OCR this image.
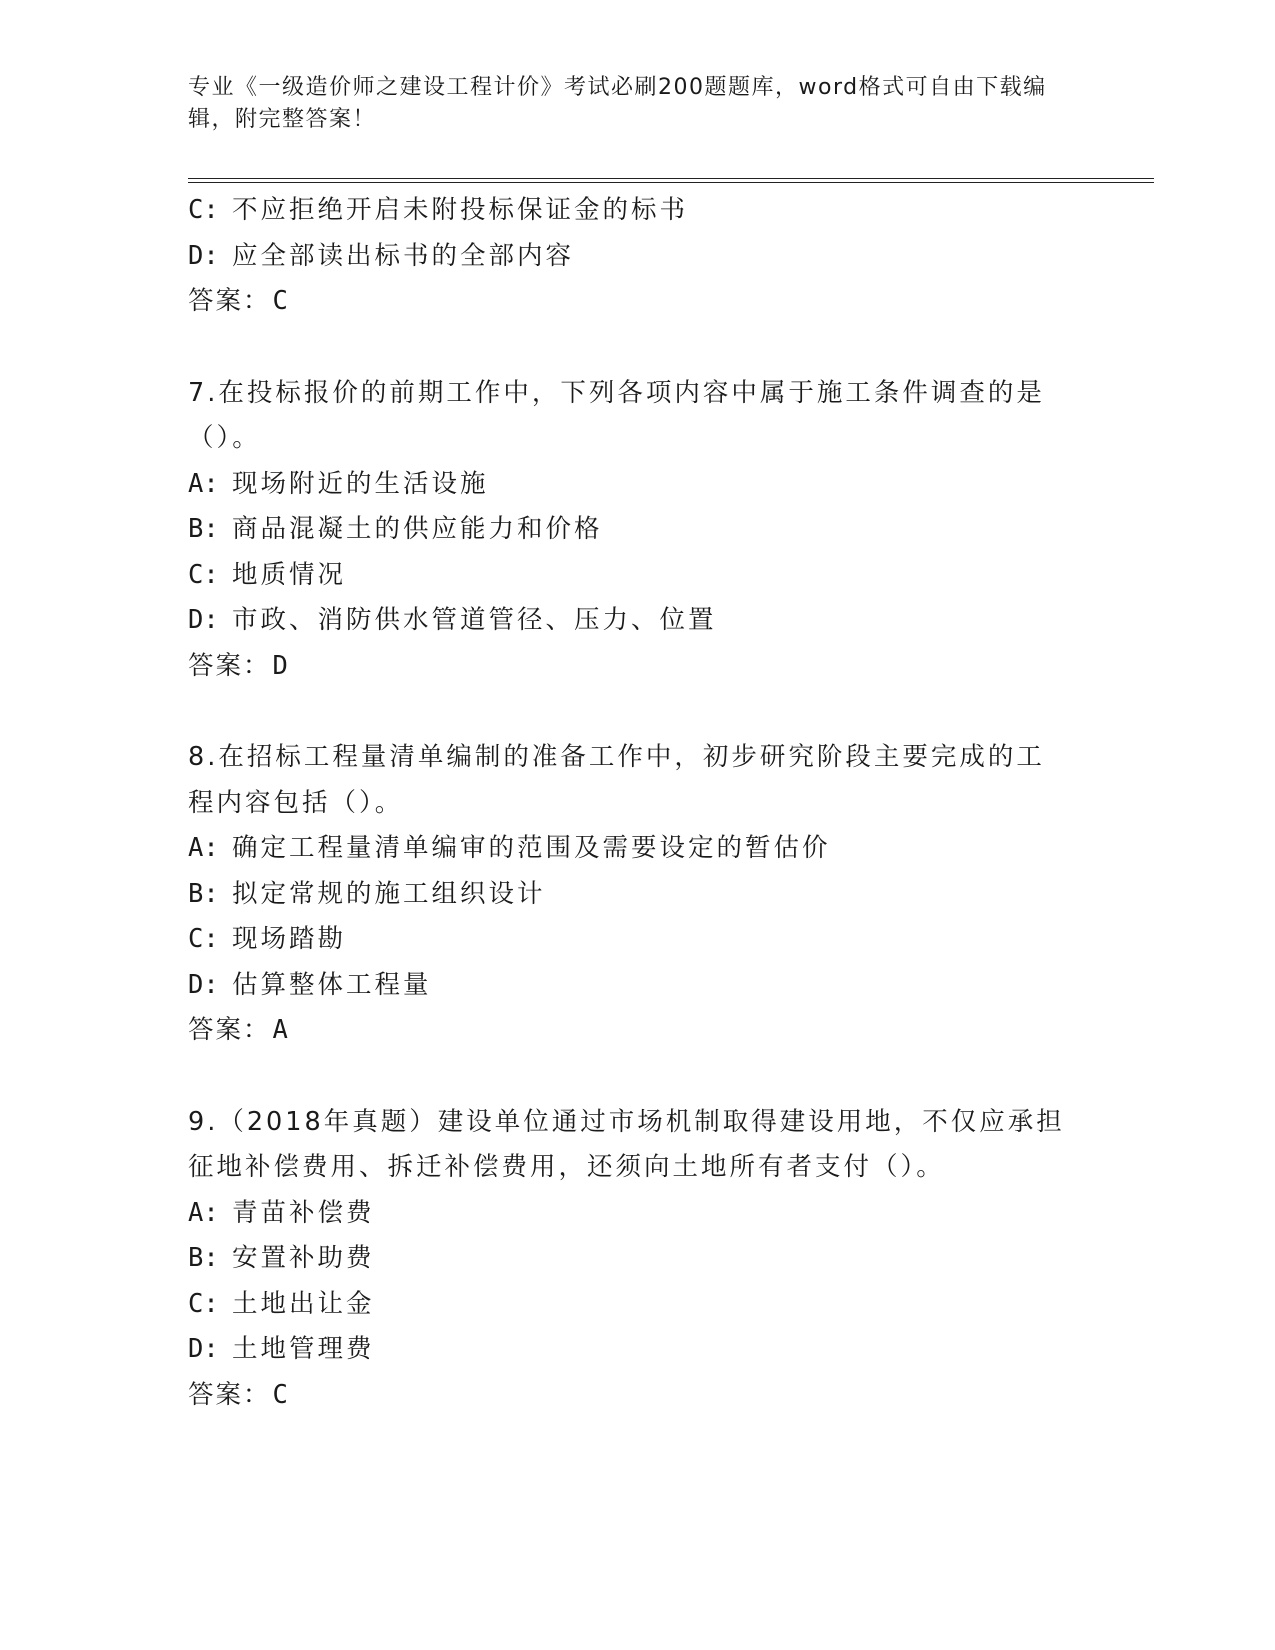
专业《一级造价师之建设工程计价》考试必刷200题题库，word格式可自由下载编辑，附完整答案！
C: 不应拒绝开启未附投标保证金的标书
D: 应全部读出标书的全部内容
答案：C
7.在投标报价的前期工作中，下列各项内容中属于施工条件调查的是（）。
A: 现场附近的生活设施
B: 商品混凝土的供应能力和价格
C: 地质情况
D: 市政、消防供水管道管径、压力、位置
答案：D
8.在招标工程量清单编制的准备工作中，初步研究阶段主要完成的工程内容包括（）。
A: 确定工程量清单编审的范围及需要设定的暂估价
B: 拟定常规的施工组织设计
C: 现场踏勘
D: 估算整体工程量
答案：A
9.（2018年真题）建设单位通过市场机制取得建设用地，不仅应承担征地补偿费用、拆迁补偿费用，还须向土地所有者支付（）。
A: 青苗补偿费
B: 安置补助费
C: 土地出让金
D: 土地管理费
答案：C
